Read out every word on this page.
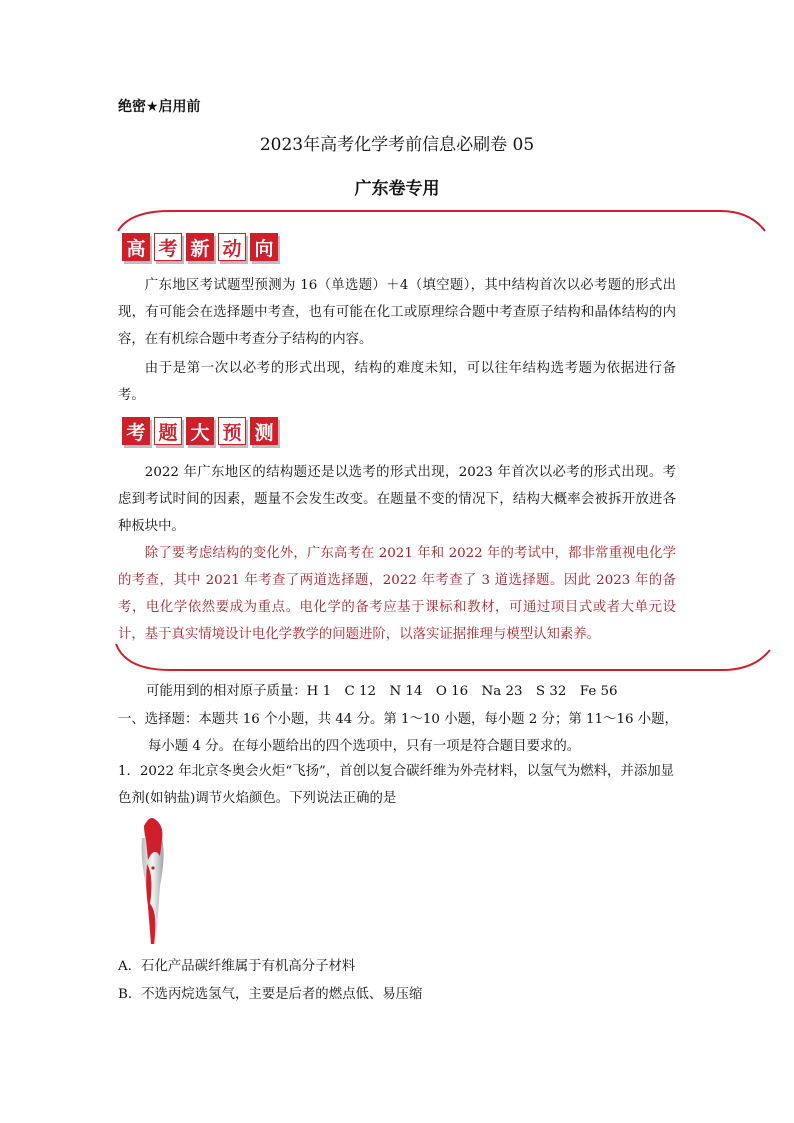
绝密★启用前
2023年高考化学考前信息必刷卷 05
广东卷专用
高 考 新 动 向
广东地区考试题型预测为 16（单选题）＋4（填空题），其中结构首次以必考题的形式出现，有可能会在选择题中考查，也有可能在化工或原理综合题中考查原子结构和晶体结构的内容，在有机综合题中考查分子结构的内容。
由于是第一次以必考的形式出现，结构的难度未知，可以往年结构选考题为依据进行备考。
考 题 大 预 测
2022 年广东地区的结构题还是以选考的形式出现，2023 年首次以必考的形式出现。考虑到考试时间的因素，题量不会发生改变。在题量不变的情况下，结构大概率会被拆开放进各种板块中。
除了要考虑结构的变化外，广东高考在 2021 年和 2022 年的考试中，都非常重视电化学的考查，其中 2021 年考查了两道选择题，2022 年考查了 3 道选择题。因此 2023 年的备考，电化学依然要成为重点。电化学的备考应基于课标和教材，可通过项目式或者大单元设计，基于真实情境设计电化学教学的问题进阶，以落实证据推理与模型认知素养。
可能用到的相对原子质量：H 1　C 12　N 14　O 16　Na 23　S 32　Fe 56
一、选择题：本题共 16 个小题，共 44 分。第 1～10 小题，每小题 2 分；第 11～16 小题，
每小题 4 分。在每小题给出的四个选项中，只有一项是符合题目要求的。
1．2022 年北京冬奥会火炬“飞扬”，首创以复合碳纤维为外壳材料，以氢气为燃料，并添加显色剂(如钠盐)调节火焰颜色。下列说法正确的是
A．石化产品碳纤维属于有机高分子材料
B．不选丙烷选氢气，主要是后者的燃点低、易压缩
